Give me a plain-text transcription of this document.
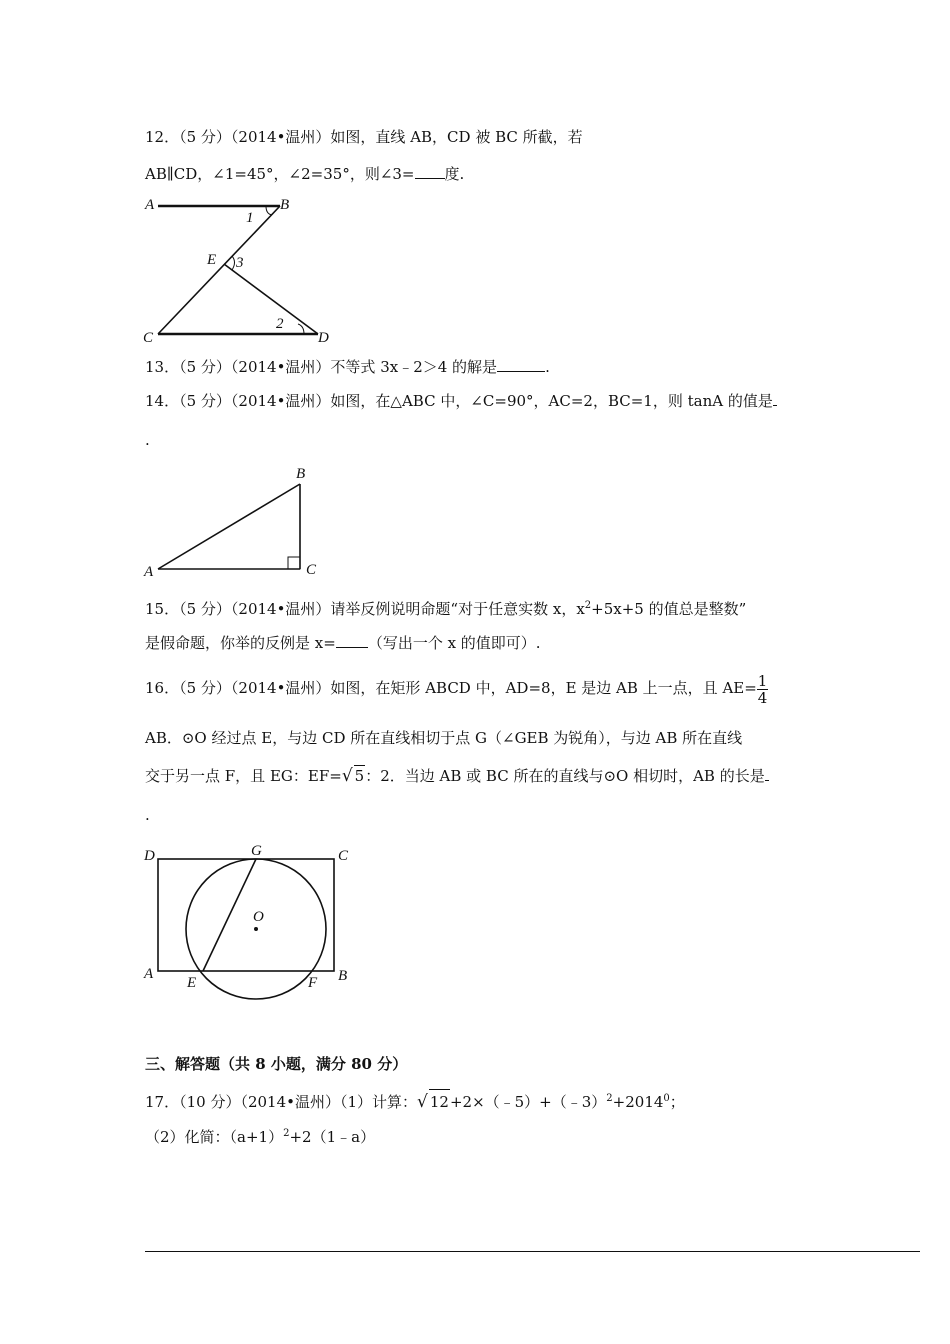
12．（5 分）（2014•温州）如图，直线 AB，CD 被 BC 所截，若
AB∥CD，∠1=45°，∠2=35°，则∠3= 度.
A	B
1
E 3
2
C	D
13．（5 分）（2014•温州）不等式 3x﹣2＞4 的解是	.
14．（5 分）（2014•温州）如图，在△ABC 中，∠C=90°，AC=2，BC=1，则 tanA 的值是
.
B
A	C
15．（5 分）（2014•温州）请举反例说明命题“对于任意实数 x，$x^2+5x+5$ 的值总是整数”
是假命题，你举的反例是 x= （写出一个 x 的值即可）.
16．（5 分）（2014•温州）如图，在矩形 ABCD 中，AD=8，E 是边 AB 上一点，且 $AE= \frac{1}{4}$
AB．⊙O 经过点 E，与边 CD 所在直线相切于点 G（∠GEB 为锐角），与边 AB 所在直线
交于另一点 F，且 EG：EF=√ 5：2．当边 AB 或 BC 所在的直线与⊙O 相切时，AB 的长是
.
D	G	C
O
A
E	F B
三、解答题（共 8 小题，满分 80 分）
17．（10 分）（2014•温州）（1）计算：√ $12+2\times(﹣5)+(﹣3)^2+2014^0$；
（2）化简：$(a+1)^2+2(1﹣a)$
